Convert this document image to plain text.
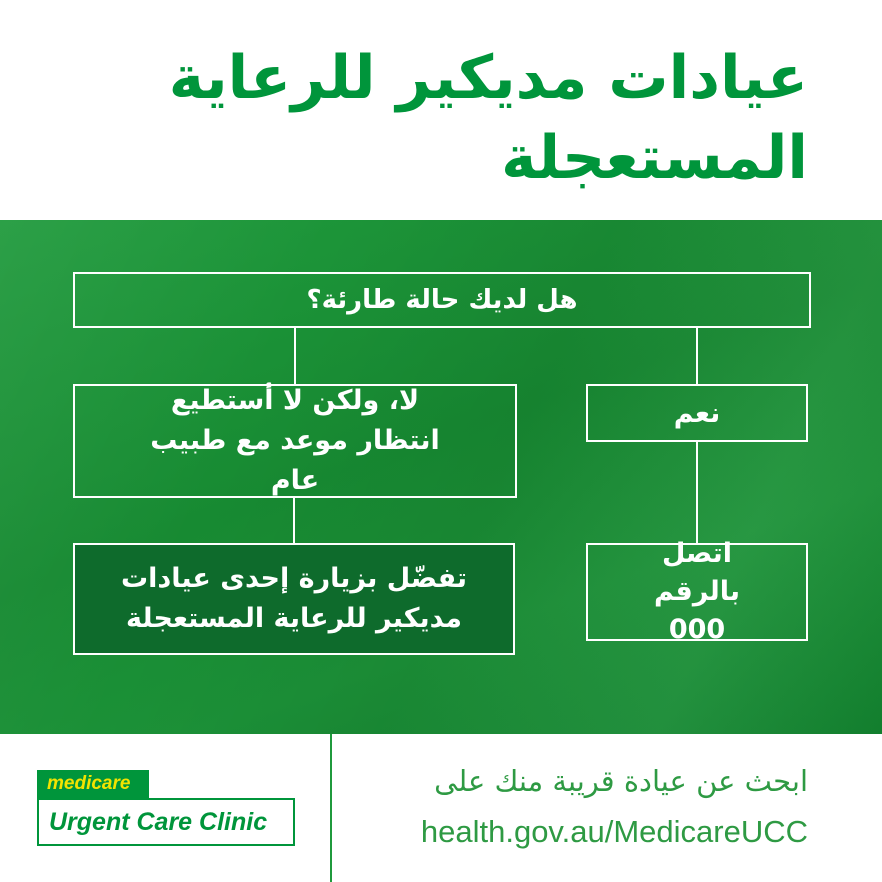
عيادات مديكير للرعاية المستعجلة
هل لديك حالة طارئة؟
لا، ولكن لا أستطيع انتظار موعد مع طبيب عام
نعم
تفضّل بزيارة إحدى عيادات مديكير للرعاية المستعجلة
اتصل بالرقم 000
medicare
Urgent Care Clinic
ابحث عن عيادة قريبة منك على
health.gov.au/MedicareUCC
